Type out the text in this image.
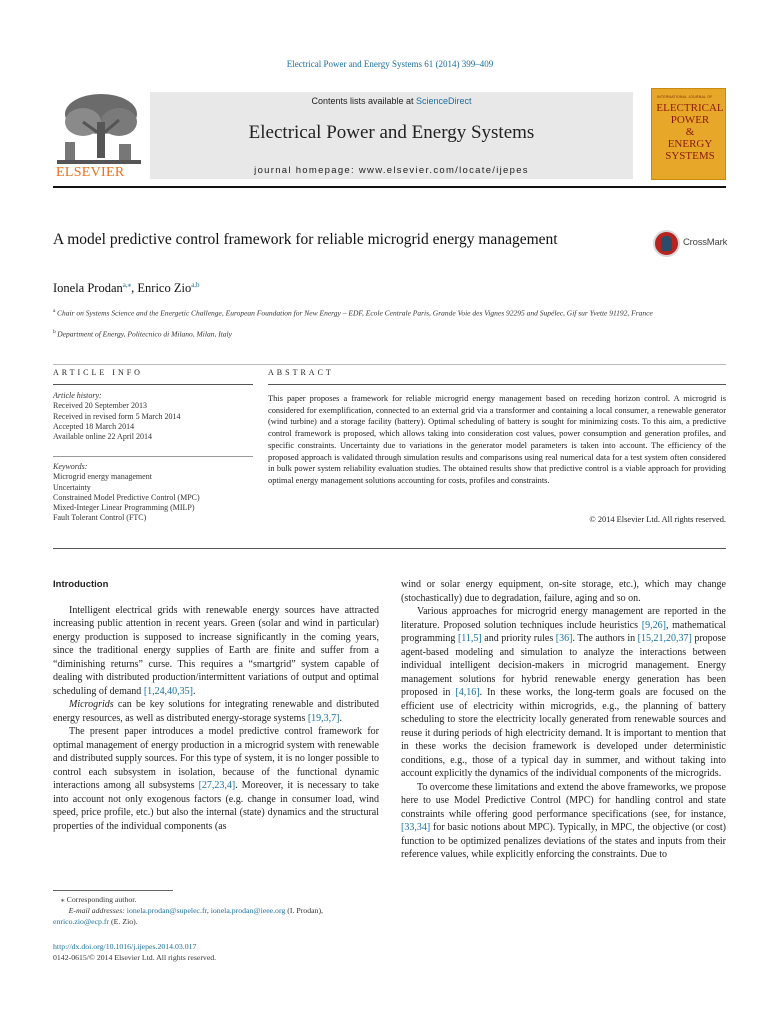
Electrical Power and Energy Systems 61 (2014) 399–409
ELSEVIER
Contents lists available at ScienceDirect
Electrical Power and Energy Systems
journal homepage: www.elsevier.com/locate/ijepes
INTERNATIONAL JOURNAL OF
ELECTRICAL
POWER
&
ENERGY
SYSTEMS
A model predictive control framework for reliable microgrid energy management	CrossMark
Ionela Prodan$^{a,⁎}$, Enrico Zio$^{a,b}$
$^a$  Chair on Systems Science and the Energetic Challenge, European Foundation for New Energy – EDF, Ecole Centrale Paris, Grande Voie des Vignes 92295 and Supélec, Gif sur Yvette 91192, France
$^b$  Department of Energy, Politecnico di Milano, Milan, Italy
ARTICLE INFO	ABSTRACT
Article history:
Received 20 September 2013
Received in revised form 5 March 2014
Accepted 18 March 2014
Available online 22 April 2014
Keywords:
Microgrid energy management
Uncertainty
Constrained Model Predictive Control (MPC)
Mixed-Integer Linear Programming (MILP)
Fault Tolerant Control (FTC)
This paper proposes a framework for reliable microgrid energy management based on receding horizon control. A microgrid is considered for exemplification, connected to an external grid via a transformer and containing a local consumer, a renewable generator (wind turbine) and a storage facility (battery). Optimal scheduling of battery is sought for minimizing costs. To this aim, a predictive control framework is proposed, which allows taking into consideration cost values, power consumption and generation profiles, and specific constraints. Uncertainty due to variations in the generator model parameters is taken into account. The efficiency of the proposed approach is validated through simulation results and comparisons using real numerical data for a test system often considered in bulk power system reliability evaluation studies. The obtained results show that predictive control is a viable approach for providing optimal energy management solutions accounting for costs, profiles and constraints.
© 2014 Elsevier Ltd. All rights reserved.
Introduction

Intelligent electrical grids with renewable energy sources have attracted increasing public attention in recent years. Green (solar and wind in particular) energy production is supposed to increase significantly in the coming years, since the traditional energy supplies of Earth are finite and suffer from a “diminishing returns” curse. This requires a “smartgrid” system capable of dealing with distributed production/intermittent variations of output and optimal scheduling of demand [1,24,40,35].

Microgrids can be key solutions for integrating renewable and distributed energy resources, as well as distributed energy-storage systems [19,3,7].

The present paper introduces a model predictive control framework for optimal management of energy production in a microgrid system with renewable and distributed supply sources. For this type of system, it is no longer possible to control each subsystem in isolation, because of the functional dynamic interactions among all subsystems [27,23,4]. Moreover, it is necessary to take into account not only exogenous factors (e.g. change in consumer load, wind speed, price profile, etc.) but also the internal (state) dynamics and the structural properties of the individual components (as

wind or solar energy equipment, on-site storage, etc.), which may change (stochastically) due to degradation, failure, aging and so on.

Various approaches for microgrid energy management are reported in the literature. Proposed solution techniques include heuristics [9,26], mathematical programming [11,5] and priority rules [36]. The authors in [15,21,20,37] propose agent-based modeling and simulation to analyze the interactions between individual intelligent decision-makers in microgrid management. Energy management solutions for hybrid renewable energy generation has been proposed in [4,16]. In these works, the long-term goals are focused on the efficient use of electricity within microgrids, e.g., the planning of battery scheduling to store the electricity locally generated from renewable sources and reuse it during periods of high electricity demand. It is important to mention that in these works the decision framework is developed under deterministic conditions, e.g., those of a typical day in summer, and without taking into account explicitly the dynamics of the individual components of the microgrids.

To overcome these limitations and extend the above frameworks, we propose here to use Model Predictive Control (MPC) for handling control and state constraints while offering good performance specifications (see, for instance, [33,34] for basic notions about MPC). Typically, in MPC, the objective (or cost) function to be optimized penalizes deviations of the states and inputs from their reference values, while explicitly enforcing the constraints. Due to

  ⁎ Corresponding author.
    E-mail addresses: ionela.prodan@supelec.fr, ionela.prodan@ieee.org (I. Prodan),
enrico.zio@ecp.fr (E. Zio).
http://dx.doi.org/10.1016/j.ijepes.2014.03.017
0142-0615/© 2014 Elsevier Ltd. All rights reserved.
